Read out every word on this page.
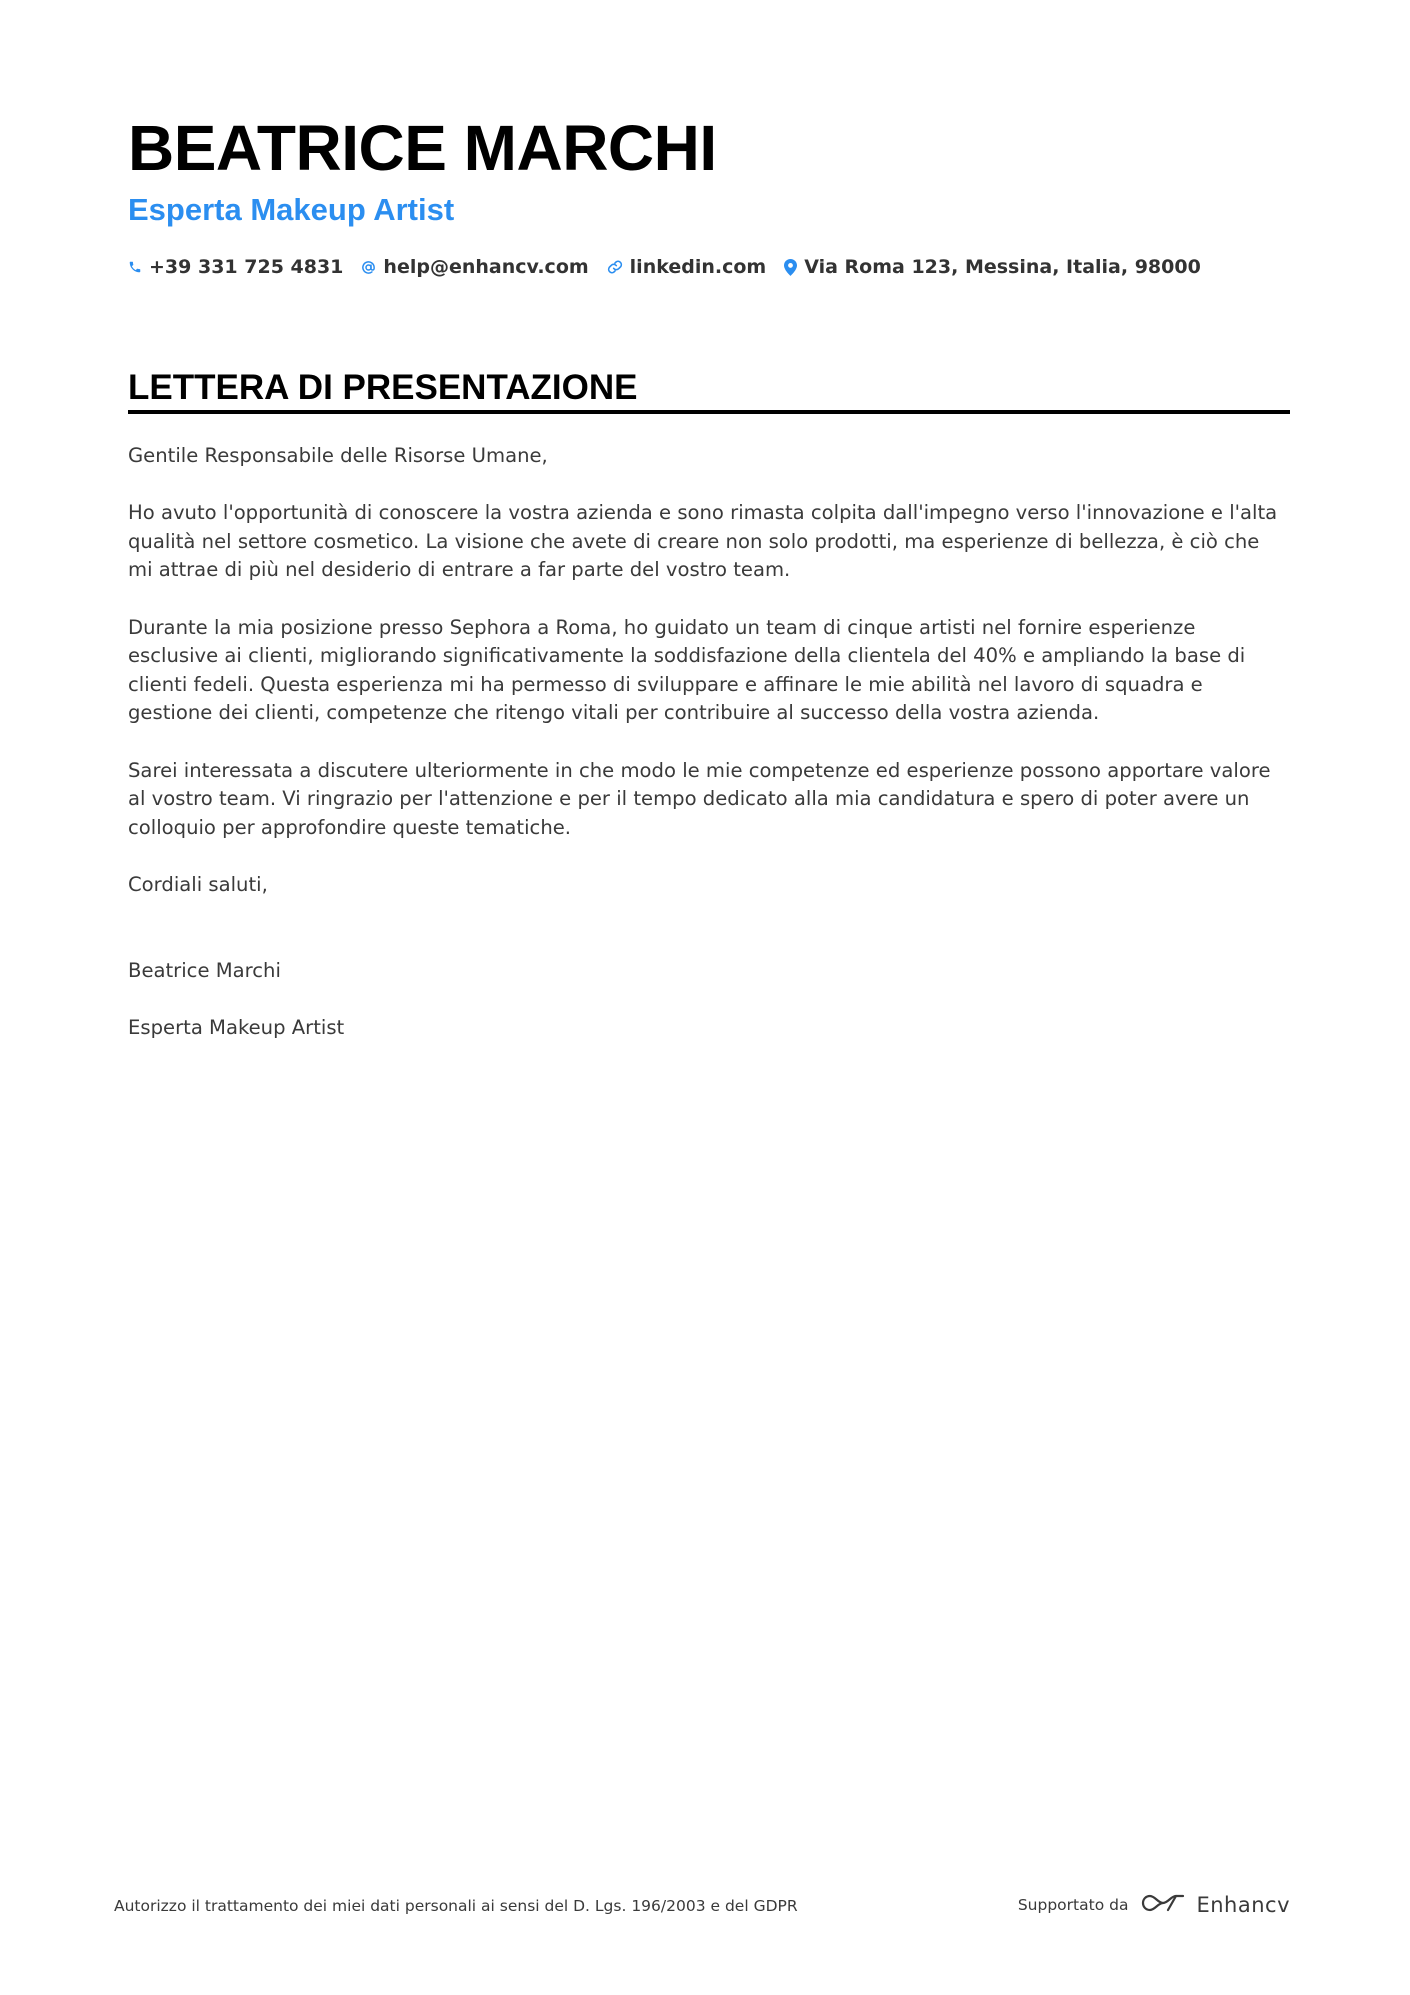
BEATRICE MARCHI
Esperta Makeup Artist
+39 331 725 4831 help@enhancv.com linkedin.com Via Roma 123, Messina, Italia, 98000
LETTERA DI PRESENTAZIONE

Gentile Responsabile delle Risorse Umane,

Ho avuto l'opportunità di conoscere la vostra azienda e sono rimasta colpita dall'impegno verso l'innovazione e l'alta qualità nel settore cosmetico. La visione che avete di creare non solo prodotti, ma esperienze di bellezza, è ciò che mi attrae di più nel desiderio di entrare a far parte del vostro team.

Durante la mia posizione presso Sephora a Roma, ho guidato un team di cinque artisti nel fornire esperienze esclusive ai clienti, migliorando significativamente la soddisfazione della clientela del 40% e ampliando la base di clienti fedeli. Questa esperienza mi ha permesso di sviluppare e affinare le mie abilità nel lavoro di squadra e gestione dei clienti, competenze che ritengo vitali per contribuire al successo della vostra azienda.

Sarei interessata a discutere ulteriormente in che modo le mie competenze ed esperienze possono apportare valore al vostro team. Vi ringrazio per l'attenzione e per il tempo dedicato alla mia candidatura e spero di poter avere un colloquio per approfondire queste tematiche.

Cordiali saluti,

Beatrice Marchi

Esperta Makeup Artist

Autorizzo il trattamento dei miei dati personali ai sensi del D. Lgs. 196/2003 e del GDPR	Supportato da	Enhancv
